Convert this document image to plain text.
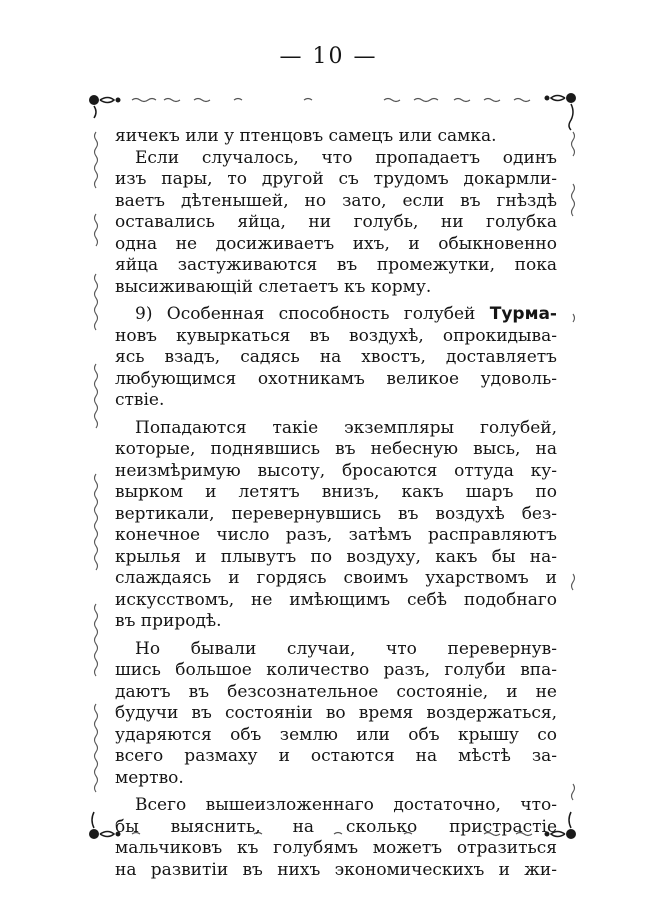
— 10 —

яичекъ или у птенцовъ самецъ или самка.

Если случалось, что пропадаетъ одинъ
изъ пары, то другой съ трудомъ докармли-
ваетъ дѣтенышей, но зато, если въ гнѣздѣ
оставались яйца, ни голубь, ни голубка
одна не досиживаетъ ихъ, и обыкновенно
яйца застуживаются въ промежутки, пока
высиживающій слетаетъ къ корму.

9) Особенная способность голубей Турма-
новъ кувыркаться въ воздухѣ, опрокидыва-
ясь взадъ, садясь на хвостъ, доставляетъ
любующимся охотникамъ великое удоволь-
ствіе.

Попадаются такіе экземпляры голубей,
которые, поднявшись въ небесную высь, на
неизмѣримую высоту, бросаются оттуда ку-
вырком и летятъ внизъ, какъ шаръ по
вертикали, перевернувшись въ воздухѣ без-
конечное число разъ, затѣмъ расправляютъ
крылья и плывутъ по воздуху, какъ бы на-
слаждаясь и гордясь своимъ ухарствомъ и
искусствомъ, не имѣющимъ себѣ подобнаго
въ природѣ.

Но бывали случаи, что перевернув-
шись большое количество разъ, голуби впа-
даютъ въ безсознательное состояніе, и не
будучи въ состояніи во время воздержаться,
ударяются объ землю или объ крышу со
всего размаху и остаются на мѣстѣ за-
мертво.

Всего вышеизложеннаго достаточно, что-
бы выяснить, на сколько пристрастіе
мальчиковъ къ голубямъ можетъ отразиться
на развитіи въ нихъ экономическихъ и жи-
